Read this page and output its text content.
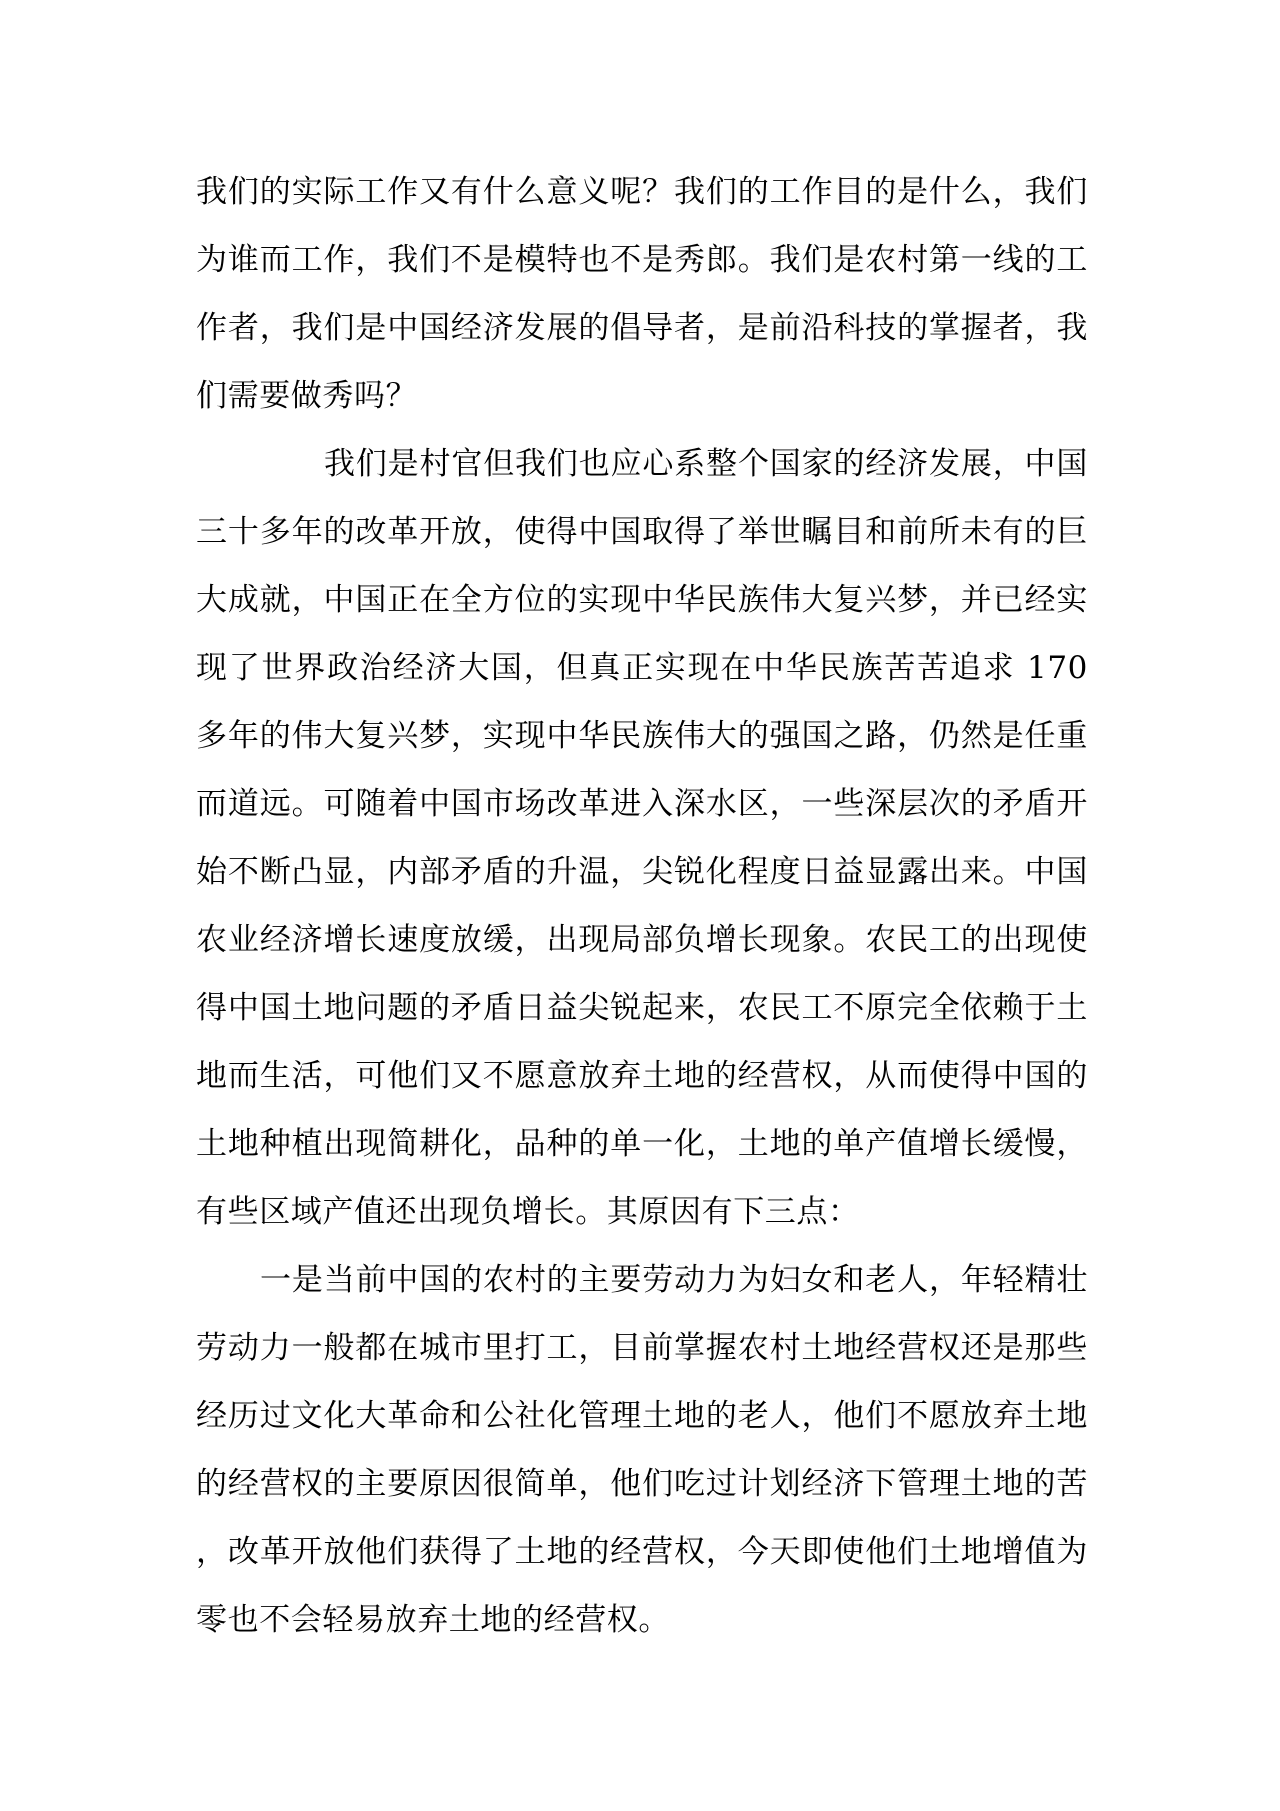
我们的实际工作又有什么意义呢？我们的工作目的是什么，我们为谁而工作，我们不是模特也不是秀郎。我们是农村第一线的工作者，我们是中国经济发展的倡导者，是前沿科技的掌握者，我们需要做秀吗？

我们是村官但我们也应心系整个国家的经济发展，中国三十多年的改革开放，使得中国取得了举世瞩目和前所未有的巨大成就，中国正在全方位的实现中华民族伟大复兴梦，并已经实现了世界政治经济大国，但真正实现在中华民族苦苦追求 170 多年的伟大复兴梦，实现中华民族伟大的强国之路，仍然是任重而道远。可随着中国市场改革进入深水区，一些深层次的矛盾开始不断凸显，内部矛盾的升温，尖锐化程度日益显露出来。中国农业经济增长速度放缓，出现局部负增长现象。农民工的出现使得中国土地问题的矛盾日益尖锐起来，农民工不原完全依赖于土地而生活，可他们又不愿意放弃土地的经营权，从而使得中国的土地种植出现简耕化，品种的单一化，土地的单产值增长缓慢，有些区域产值还出现负增长。其原因有下三点：

一是当前中国的农村的主要劳动力为妇女和老人，年轻精壮劳动力一般都在城市里打工，目前掌握农村土地经营权还是那些经历过文化大革命和公社化管理土地的老人，他们不愿放弃土地的经营权的主要原因很简单，他们吃过计划经济下管理土地的苦，改革开放他们获得了土地的经营权，今天即使他们土地增值为零也不会轻易放弃土地的经营权。
